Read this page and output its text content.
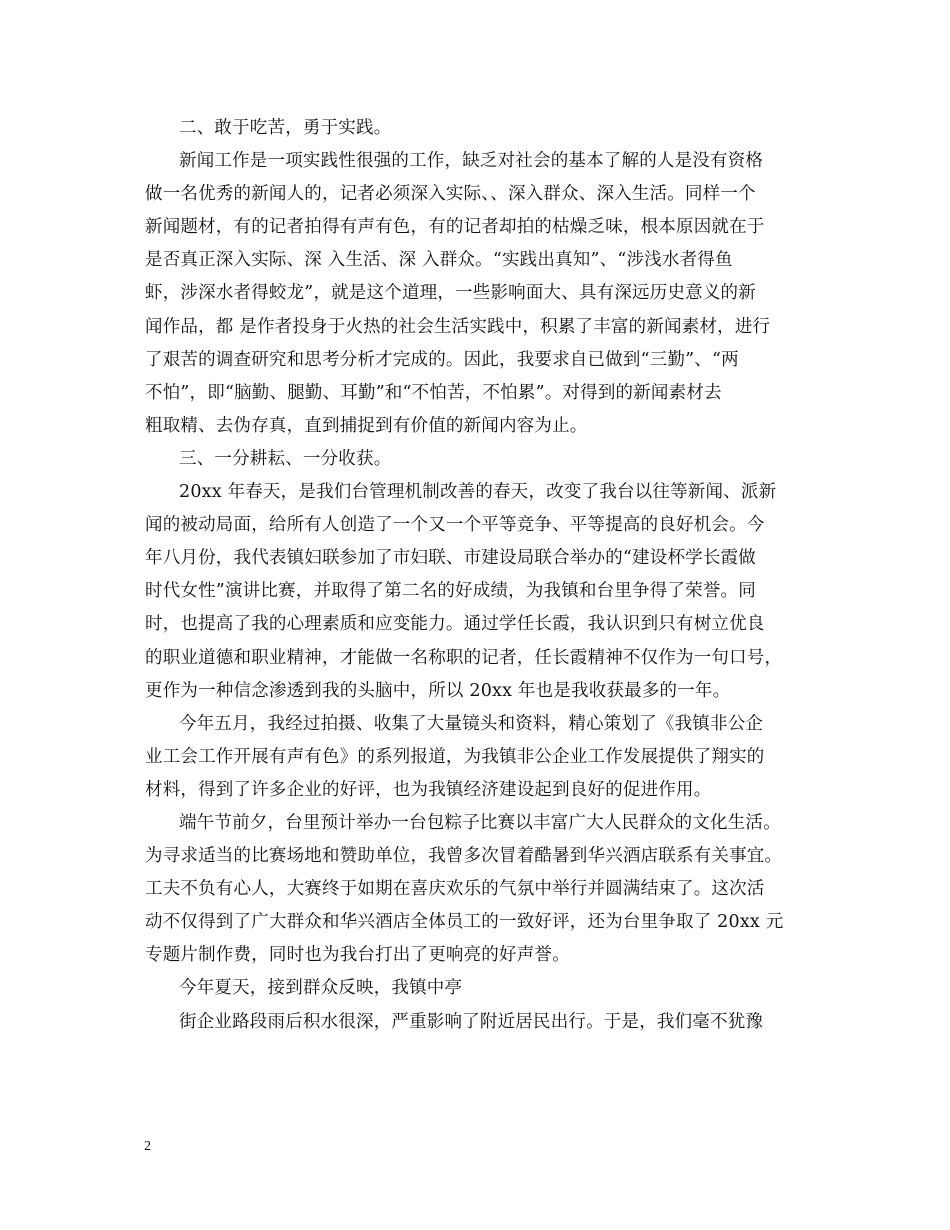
二、敢于吃苦，勇于实践。
新闻工作是一项实践性很强的工作，缺乏对社会的基本了解的人是没有资格
做一名优秀的新闻人的，记者必须深入实际、、深入群众、深入生活。同样一个
新闻题材，有的记者拍得有声有色，有的记者却拍的枯燥乏味，根本原因就在于
是否真正深入实际、深 入生活、深 入群众。“实践出真知”、“涉浅水者得鱼
虾，涉深水者得蛟龙”，就是这个道理，一些影响面大、具有深远历史意义的新
闻作品，都 是作者投身于火热的社会生活实践中，积累了丰富的新闻素材，进行
了艰苦的调查研究和思考分析才完成的。因此，我要求自已做到“三勤”、“两
不怕”，即“脑勤、腿勤、耳勤”和“不怕苦，不怕累”。对得到的新闻素材去
粗取精、去伪存真，直到捕捉到有价值的新闻内容为止。
三、一分耕耘、一分收获。
20xx 年春天，是我们台管理机制改善的春天，改变了我台以往等新闻、派新
闻的被动局面，给所有人创造了一个又一个平等竞争、平等提高的良好机会。今
年八月份，我代表镇妇联参加了市妇联、市建设局联合举办的“建设杯学长霞做
时代女性”演讲比赛，并取得了第二名的好成绩，为我镇和台里争得了荣誉。同
时，也提高了我的心理素质和应变能力。通过学任长霞，我认识到只有树立优良
的职业道德和职业精神，才能做一名称职的记者，任长霞精神不仅作为一句口号，
更作为一种信念渗透到我的头脑中，所以 20xx 年也是我收获最多的一年。
今年五月，我经过拍摄、收集了大量镜头和资料，精心策划了《我镇非公企
业工会工作开展有声有色》的系列报道，为我镇非公企业工作发展提供了翔实的
材料，得到了许多企业的好评，也为我镇经济建设起到良好的促进作用。
端午节前夕，台里预计举办一台包粽子比赛以丰富广大人民群众的文化生活。
为寻求适当的比赛场地和赞助单位，我曾多次冒着酷暑到华兴酒店联系有关事宜。
工夫不负有心人，大赛终于如期在喜庆欢乐的气氛中举行并圆满结束了。这次活
动不仅得到了广大群众和华兴酒店全体员工的一致好评，还为台里争取了 20xx 元
专题片制作费，同时也为我台打出了更响亮的好声誉。
今年夏天，接到群众反映，我镇中亭
街企业路段雨后积水很深，严重影响了附近居民出行。于是，我们毫不犹豫
2
